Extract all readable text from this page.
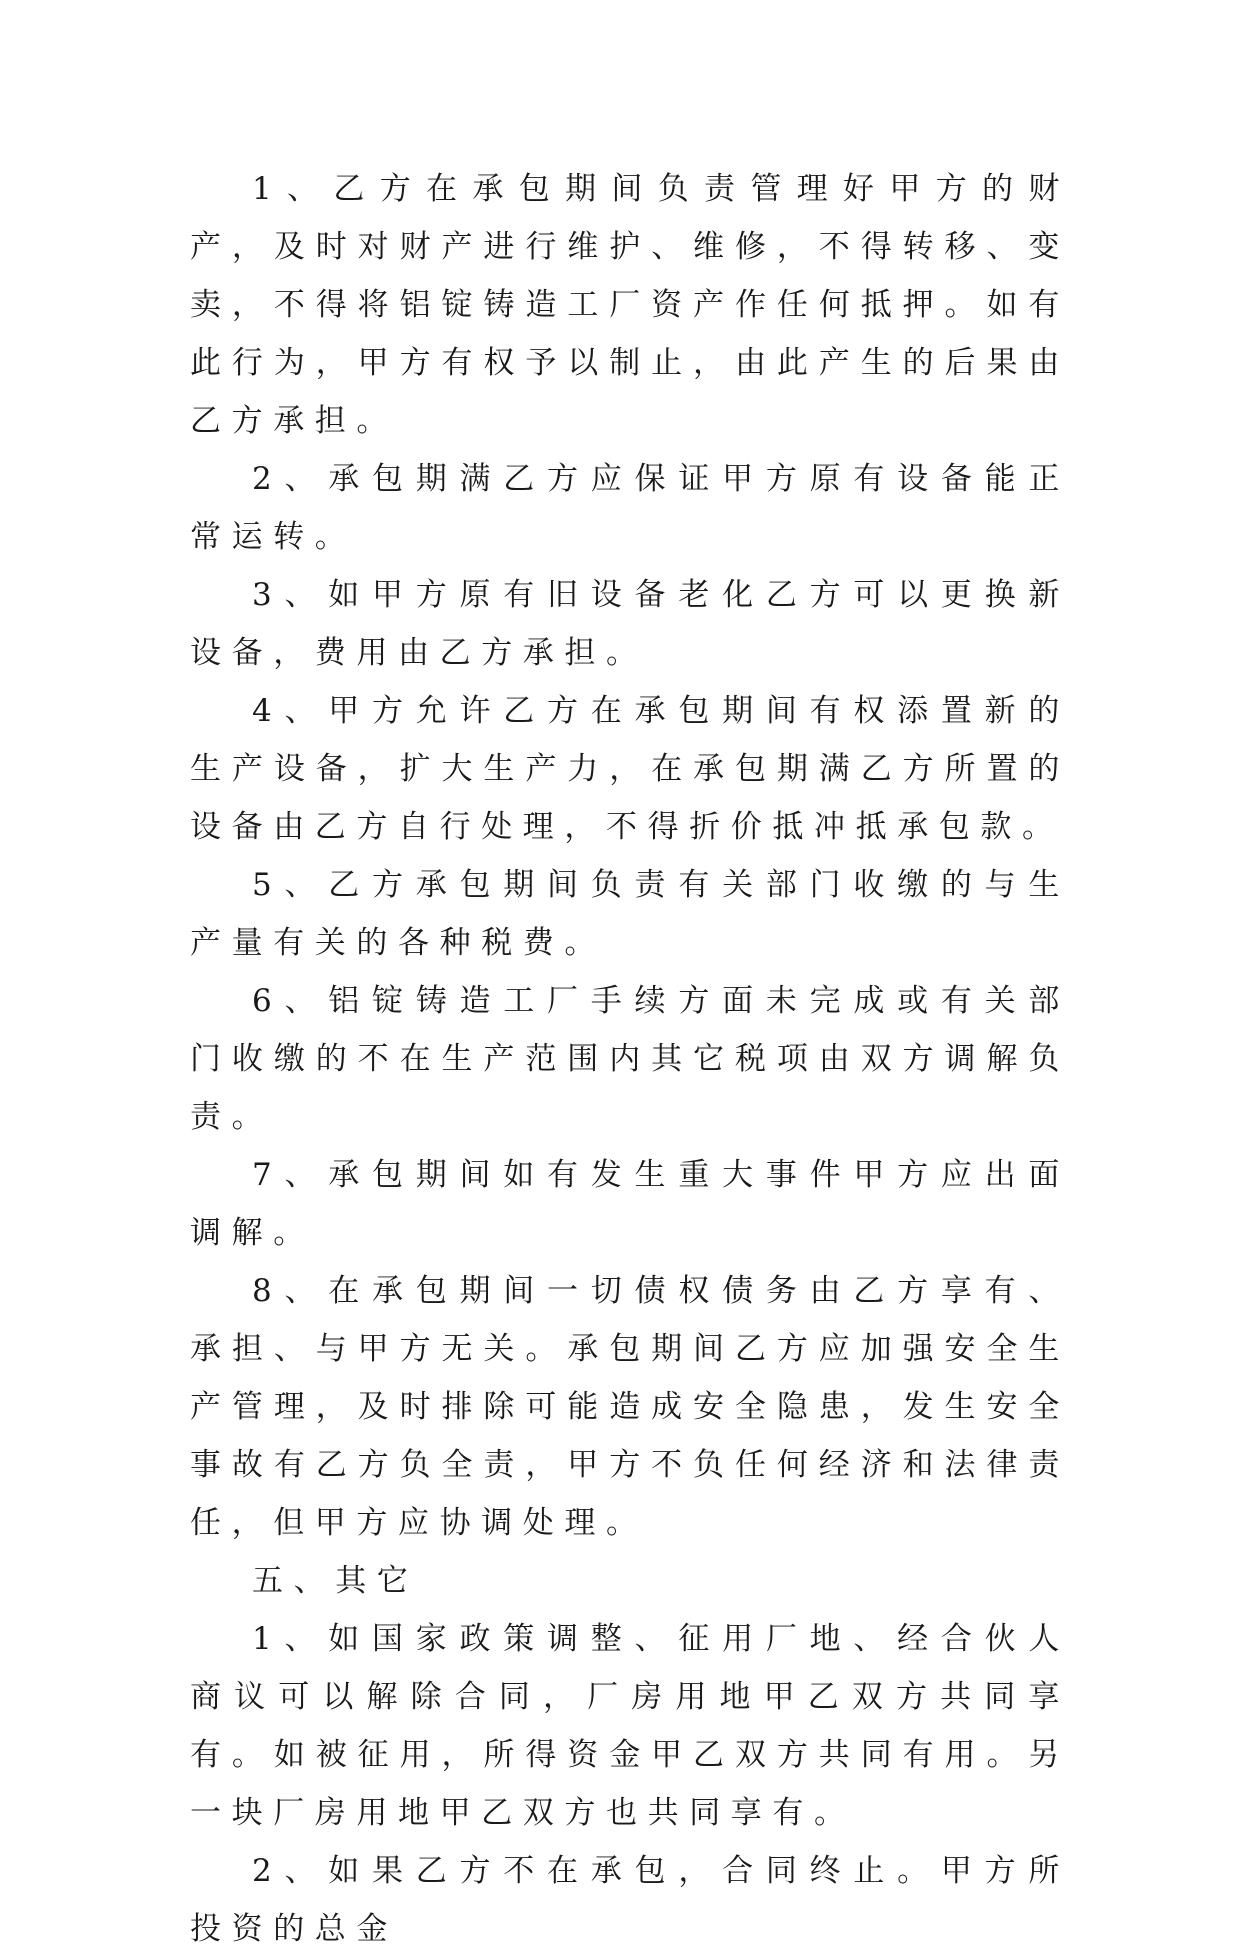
1、乙方在承包期间负责管理好甲方的财产，及时对财产进行维护、维修，不得转移、变卖，不得将铝锭铸造工厂资产作任何抵押。如有此行为，甲方有权予以制止，由此产生的后果由乙方承担。

2、承包期满乙方应保证甲方原有设备能正常运转。

3、如甲方原有旧设备老化乙方可以更换新设备，费用由乙方承担。

4、甲方允许乙方在承包期间有权添置新的生产设备，扩大生产力，在承包期满乙方所置的设备由乙方自行处理，不得折价抵冲抵承包款。

5、乙方承包期间负责有关部门收缴的与生产量有关的各种税费。

6、铝锭铸造工厂手续方面未完成或有关部门收缴的不在生产范围内其它税项由双方调解负责。

7、承包期间如有发生重大事件甲方应出面调解。

8、在承包期间一切债权债务由乙方享有、承担、与甲方无关。承包期间乙方应加强安全生产管理，及时排除可能造成安全隐患，发生安全事故有乙方负全责，甲方不负任何经济和法律责任，但甲方应协调处理。

五、其它

1、如国家政策调整、征用厂地、经合伙人商议可以解除合同，厂房用地甲乙双方共同享有。如被征用，所得资金甲乙双方共同有用。另一块厂房用地甲乙双方也共同享有。

2、如果乙方不在承包，合同终止。甲方所投资的总金
